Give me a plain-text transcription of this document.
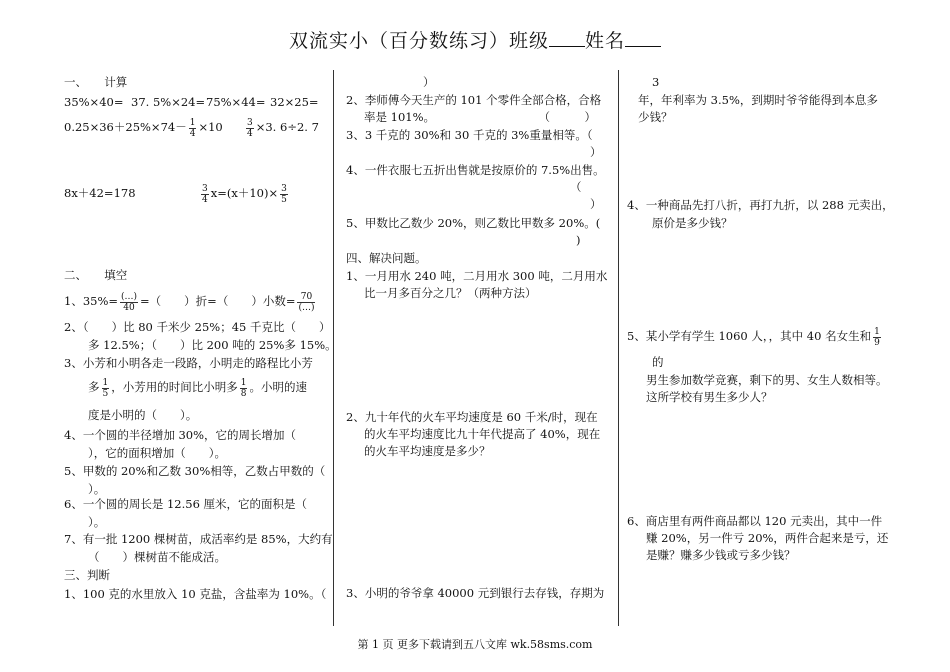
双流实小（百分数练习）班级 姓名
一、　　计算
35%×40= 37. 5%×24= 75%×44= 32×25=
$0.25\times 36+25\%\times 74- \frac{1}{4} \times 10$	$\frac{3}{4} \times 3$. 6÷2. 7
8x＋42=178	$\frac{3}{4} x=(x+10)\times \frac{3}{5}$
二、　　填空
1、$35\%= \frac{(\dots)}{40}$ =（　　）折=（　　）小数= $\frac{70}{(\dots)}$
2、（　　）比 80 千米少 25%；45 千克比（　　）
多 12.5%；（　　）比 200 吨的 25%多 15%。
3、小芳和小明各走一段路，小明走的路程比小芳
多 $\frac{1}{5}$ ，小芳用的时间比小明多 $\frac{1}{8}$ 。小明的速
度是小明的（　　）。
4、一个圆的半径增加 30%，它的周长增加（
），它的面积增加（　　）。
5、甲数的 20%和乙数 30%相等，乙数占甲数的（
）。
6、一个圆的周长是 12.56 厘米，它的面积是（
）。
7、有一批 1200 棵树苗，成活率约是 85%，大约有
（　　）棵树苗不能成活。
三、判断
1、100 克的水里放入 10 克盐，含盐率为 10%。（
）
2、李师傅今天生产的 101 个零件全部合格，合格
率是 101%。　　　　　　　　　　（　　　）
3、3 千克的 30%和 30 千克的 3%重量相等。（
）
4、一件衣服七五折出售就是按原价的 7.5%出售。
（
）
5、甲数比乙数少 20%，则乙数比甲数多 20%。(
)
四、解决问题。
1、一月用水 240 吨，二月用水 300 吨，二月用水
比一月多百分之几？（两种方法）
2、九十年代的火车平均速度是 60 千米/时，现在
的火车平均速度比九十年代提高了 40%，现在
的火车平均速度是多少？
3、小明的爷爷拿 40000 元到银行去存钱，存期为
3
年，年利率为 3.5%，到期时爷爷能得到本息多
少钱？
4、一种商品先打八折，再打九折，以 288 元卖出，
原价是多少钱？
5、某小学有学生 1060 人，，其中 40 名女生和 $\frac{1}{9}$
的
男生参加数学竞赛，剩下的男、女生人数相等。
这所学校有男生多少人？
6、商店里有两件商品都以 120 元卖出，其中一件
赚 20%，另一件亏 20%，两件合起来是亏，还
是赚？赚多少钱或亏多少钱？
第 1 页 更多下载请到五八文库 wk.58sms.com
